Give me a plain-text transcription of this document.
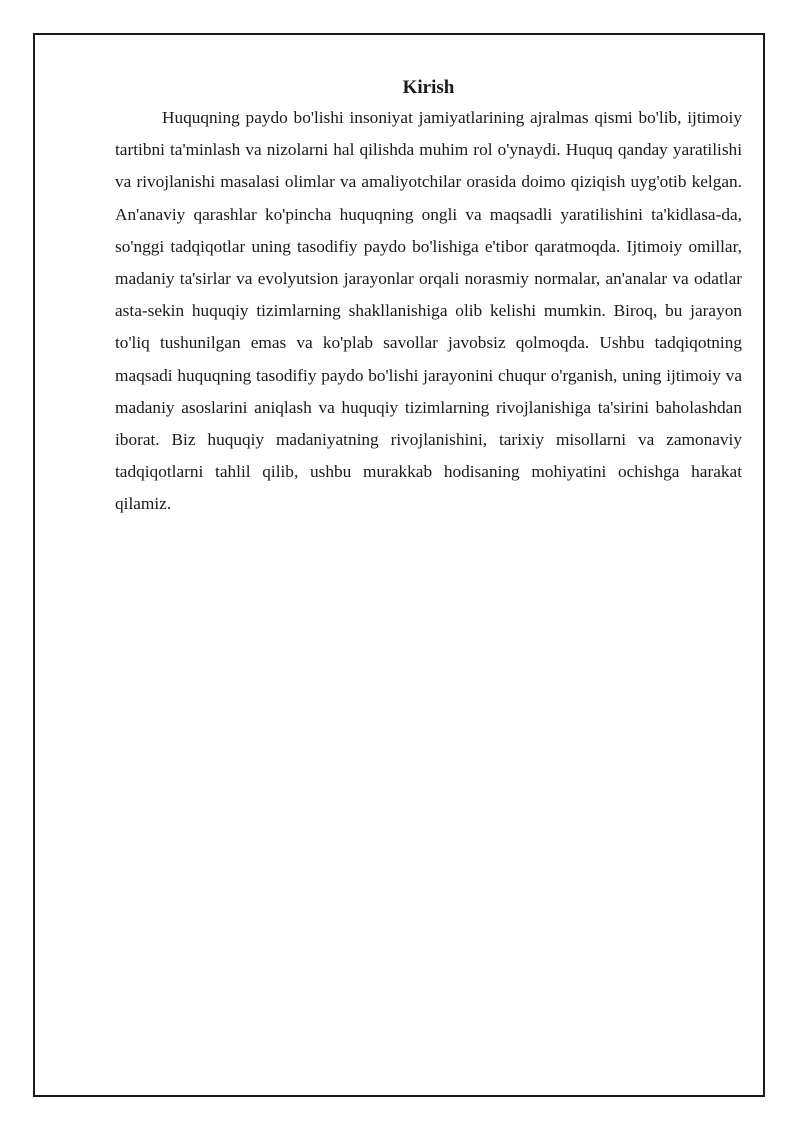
Kirish

Huquqning paydo bo'lishi insoniyat jamiyatlarining ajralmas qismi bo'lib, ijtimoiy tartibni ta'minlash va nizolarni hal qilishda muhim rol o'ynaydi. Huquq qanday yaratilishi va rivojlanishi masalasi olimlar va amaliyotchilar orasida doimo qiziqish uyg'otib kelgan. An'anaviy qarashlar ko'pincha huquqning ongli va maqsadli yaratilishini ta'kidlasa-da, so'nggi tadqiqotlar uning tasodifiy paydo bo'lishiga e'tibor qaratmoqda. Ijtimoiy omillar, madaniy ta'sirlar va evolyutsion jarayonlar orqali norasmiy normalar, an'analar va odatlar asta-sekin huquqiy tizimlarning shakllanishiga olib kelishi mumkin. Biroq, bu jarayon to'liq tushunilgan emas va ko'plab savollar javobsiz qolmoqda. Ushbu tadqiqotning maqsadi huquqning tasodifiy paydo bo'lishi jarayonini chuqur o'rganish, uning ijtimoiy va madaniy asoslarini aniqlash va huquqiy tizimlarning rivojlanishiga ta'sirini baholashdan iborat. Biz huquqiy madaniyatning rivojlanishini, tarixiy misollarni va zamonaviy tadqiqotlarni tahlil qilib, ushbu murakkab hodisaning mohiyatini ochishga harakat qilamiz.
